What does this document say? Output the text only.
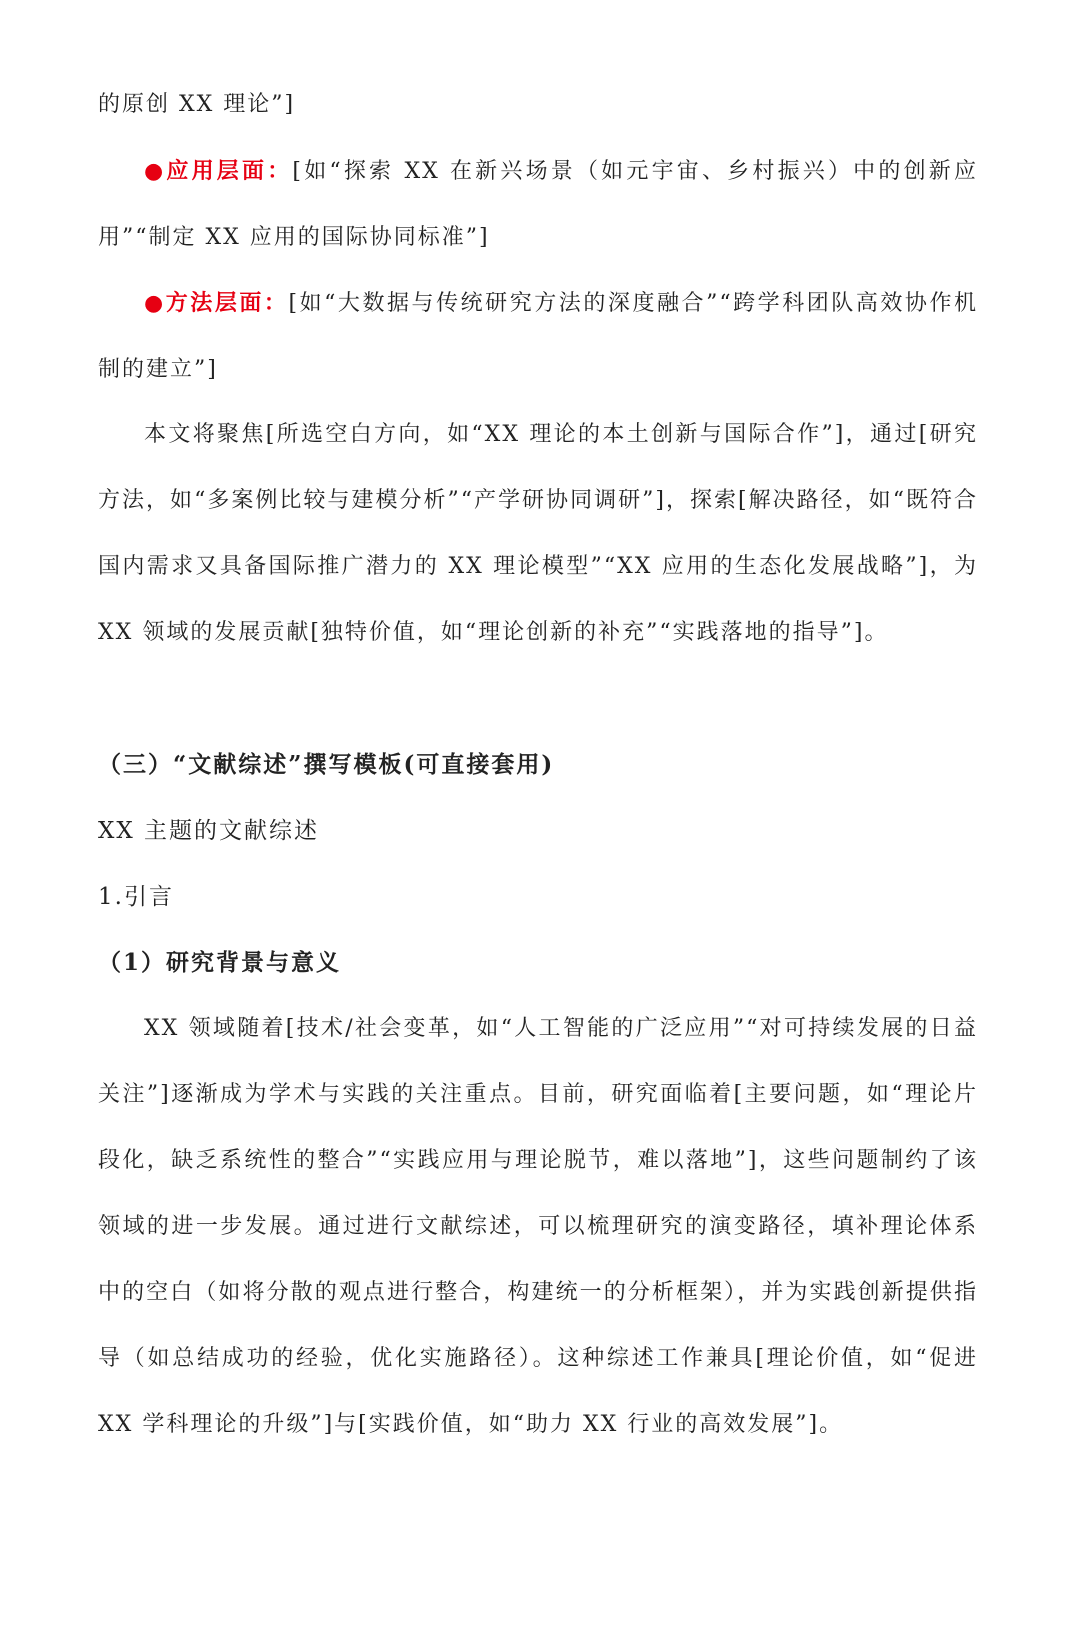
的原创 XX 理论”]

●应用层面：[如“探索 XX 在新兴场景（如元宇宙、乡村振兴）中的创新应用”“制定 XX 应用的国际协同标准”]

●方法层面：[如“大数据与传统研究方法的深度融合”“跨学科团队高效协作机制的建立”]

本文将聚焦[所选空白方向，如“XX 理论的本土创新与国际合作”]，通过[研究方法，如“多案例比较与建模分析”“产学研协同调研”]，探索[解决路径，如“既符合国内需求又具备国际推广潜力的 XX 理论模型”“XX 应用的生态化发展战略”]，为 XX 领域的发展贡献[独特价值，如“理论创新的补充”“实践落地的指导”]。

（三）“文献综述”撰写模板(可直接套用)
XX 主题的文献综述
1.引言
（1）研究背景与意义

XX 领域随着[技术/社会变革，如“人工智能的广泛应用”“对可持续发展的日益关注”]逐渐成为学术与实践的关注重点。目前，研究面临着[主要问题，如“理论片段化，缺乏系统性的整合”“实践应用与理论脱节，难以落地”]，这些问题制约了该领域的进一步发展。通过进行文献综述，可以梳理研究的演变路径，填补理论体系中的空白（如将分散的观点进行整合，构建统一的分析框架），并为实践创新提供指导（如总结成功的经验，优化实施路径）。这种综述工作兼具[理论价值，如“促进 XX 学科理论的升级”]与[实践价值，如“助力 XX 行业的高效发展”]。
